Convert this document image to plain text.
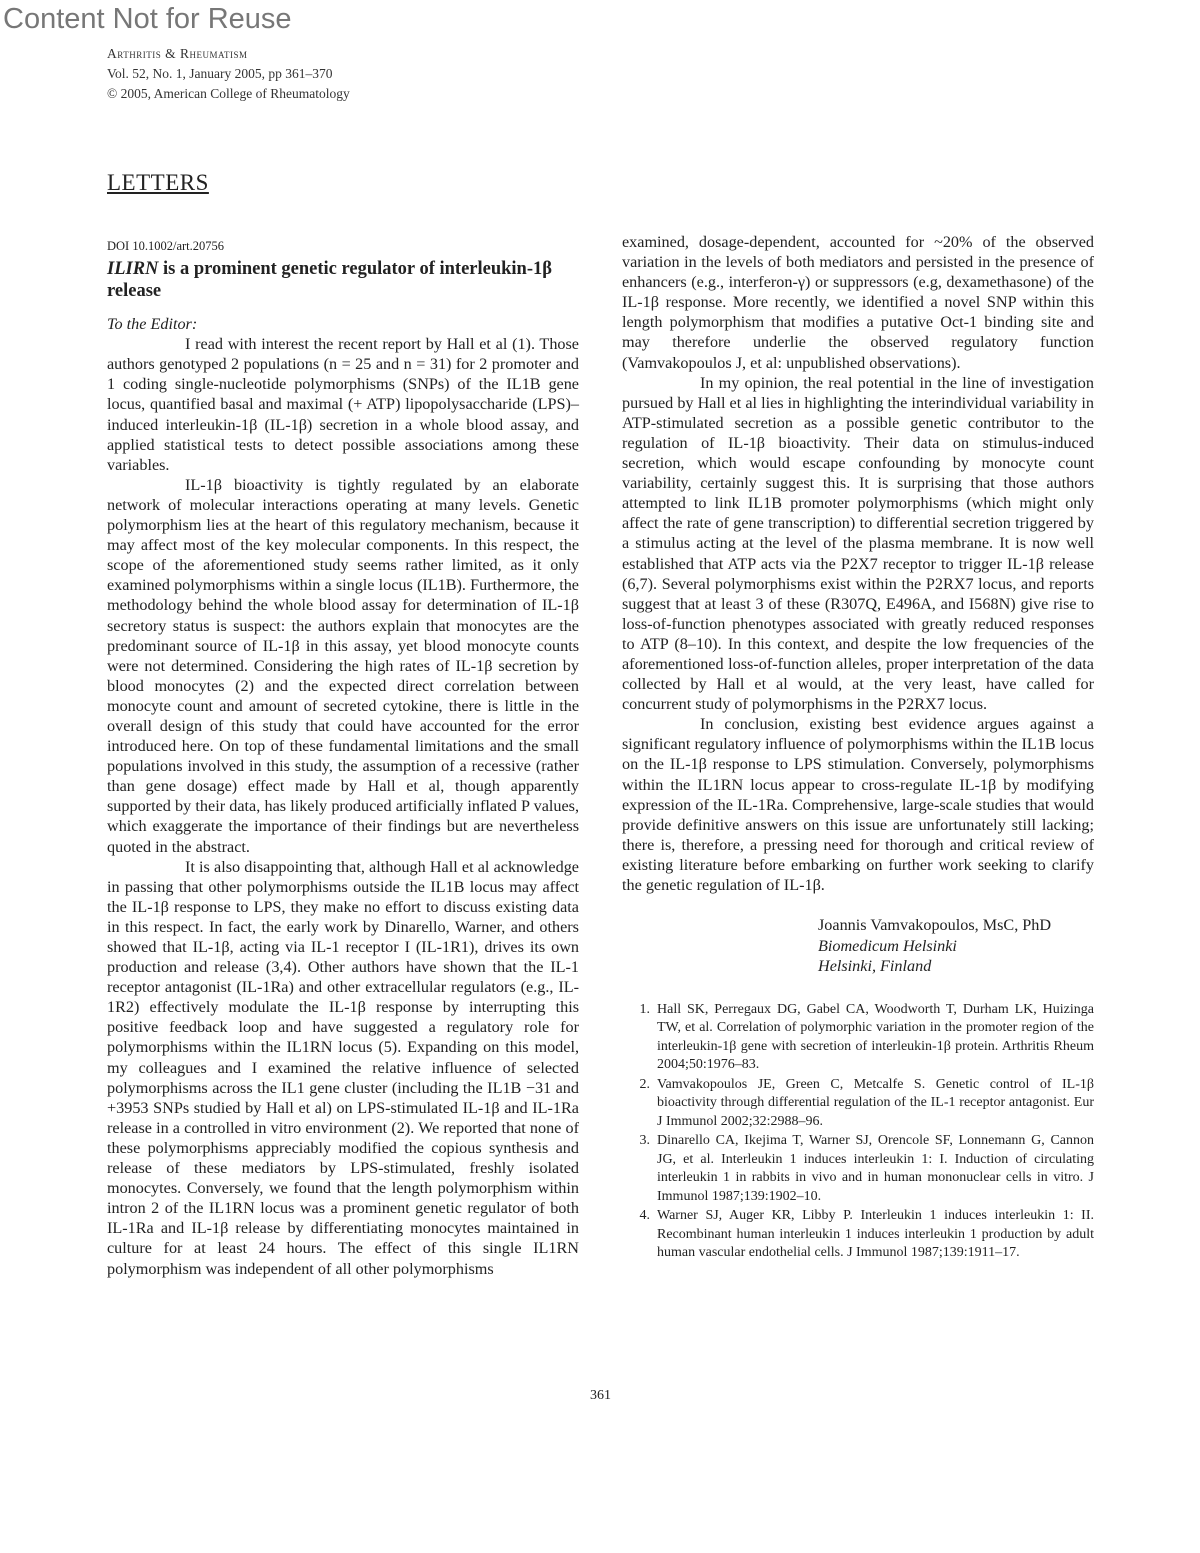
Content Not for Reuse
Arthritis & Rheumatism
Vol. 52, No. 1, January 2005, pp 361–370
© 2005, American College of Rheumatology
LETTERS
DOI 10.1002/art.20756
ILIRN is a prominent genetic regulator of interleukin-1β release
To the Editor:

I read with interest the recent report by Hall et al (1). Those authors genotyped 2 populations (n = 25 and n = 31) for 2 promoter and 1 coding single-nucleotide polymorphisms (SNPs) of the IL1B gene locus, quantified basal and maximal (+ ATP) lipopolysaccharide (LPS)–induced interleukin-1β (IL-1β) secretion in a whole blood assay, and applied statistical tests to detect possible associations among these variables.

IL-1β bioactivity is tightly regulated by an elaborate network of molecular interactions operating at many levels. Genetic polymorphism lies at the heart of this regulatory mechanism, because it may affect most of the key molecular components. In this respect, the scope of the aforementioned study seems rather limited, as it only examined polymorphisms within a single locus (IL1B). Furthermore, the methodology behind the whole blood assay for determination of IL-1β secretory status is suspect: the authors explain that monocytes are the predominant source of IL-1β in this assay, yet blood monocyte counts were not determined. Considering the high rates of IL-1β secretion by blood monocytes (2) and the expected direct correlation between monocyte count and amount of secreted cytokine, there is little in the overall design of this study that could have accounted for the error introduced here. On top of these fundamental limitations and the small populations involved in this study, the assumption of a recessive (rather than gene dosage) effect made by Hall et al, though apparently supported by their data, has likely produced artificially inflated P values, which exaggerate the importance of their findings but are nevertheless quoted in the abstract.

It is also disappointing that, although Hall et al acknowledge in passing that other polymorphisms outside the IL1B locus may affect the IL-1β response to LPS, they make no effort to discuss existing data in this respect. In fact, the early work by Dinarello, Warner, and others showed that IL-1β, acting via IL-1 receptor I (IL-1R1), drives its own production and release (3,4). Other authors have shown that the IL-1 receptor antagonist (IL-1Ra) and other extracellular regulators (e.g., IL-1R2) effectively modulate the IL-1β response by interrupting this positive feedback loop and have suggested a regulatory role for polymorphisms within the IL1RN locus (5). Expanding on this model, my colleagues and I examined the relative influence of selected polymorphisms across the IL1 gene cluster (including the IL1B −31 and +3953 SNPs studied by Hall et al) on LPS-stimulated IL-1β and IL-1Ra release in a controlled in vitro environment (2). We reported that none of these polymorphisms appreciably modified the copious synthesis and release of these mediators by LPS-stimulated, freshly isolated monocytes. Conversely, we found that the length polymorphism within intron 2 of the IL1RN locus was a prominent genetic regulator of both IL-1Ra and IL-1β release by differentiating monocytes maintained in culture for at least 24 hours. The effect of this single IL1RN polymorphism was independent of all other polymorphisms

examined, dosage-dependent, accounted for ~20% of the observed variation in the levels of both mediators and persisted in the presence of enhancers (e.g., interferon-γ) or suppressors (e.g, dexamethasone) of the IL-1β response. More recently, we identified a novel SNP within this length polymorphism that modifies a putative Oct-1 binding site and may therefore underlie the observed regulatory function (Vamvakopoulos J, et al: unpublished observations).

In my opinion, the real potential in the line of investigation pursued by Hall et al lies in highlighting the interindividual variability in ATP-stimulated secretion as a possible genetic contributor to the regulation of IL-1β bioactivity. Their data on stimulus-induced secretion, which would escape confounding by monocyte count variability, certainly suggest this. It is surprising that those authors attempted to link IL1B promoter polymorphisms (which might only affect the rate of gene transcription) to differential secretion triggered by a stimulus acting at the level of the plasma membrane. It is now well established that ATP acts via the P2X7 receptor to trigger IL-1β release (6,7). Several polymorphisms exist within the P2RX7 locus, and reports suggest that at least 3 of these (R307Q, E496A, and I568N) give rise to loss-of-function phenotypes associated with greatly reduced responses to ATP (8–10). In this context, and despite the low frequencies of the aforementioned loss-of-function alleles, proper interpretation of the data collected by Hall et al would, at the very least, have called for concurrent study of polymorphisms in the P2RX7 locus.

In conclusion, existing best evidence argues against a significant regulatory influence of polymorphisms within the IL1B locus on the IL-1β response to LPS stimulation. Conversely, polymorphisms within the IL1RN locus appear to cross-regulate IL-1β by modifying expression of the IL-1Ra. Comprehensive, large-scale studies that would provide definitive answers on this issue are unfortunately still lacking; there is, therefore, a pressing need for thorough and critical review of existing literature before embarking on further work seeking to clarify the genetic regulation of IL-1β.

Joannis Vamvakopoulos, MsC, PhD
Biomedicum Helsinki
Helsinki, Finland
1. Hall SK, Perregaux DG, Gabel CA, Woodworth T, Durham LK, Huizinga TW, et al. Correlation of polymorphic variation in the promoter region of the interleukin-1β gene with secretion of interleukin-1β protein. Arthritis Rheum 2004;50:1976–83.
2. Vamvakopoulos JE, Green C, Metcalfe S. Genetic control of IL-1β bioactivity through differential regulation of the IL-1 receptor antagonist. Eur J Immunol 2002;32:2988–96.
3. Dinarello CA, Ikejima T, Warner SJ, Orencole SF, Lonnemann G, Cannon JG, et al. Interleukin 1 induces interleukin 1: I. Induction of circulating interleukin 1 in rabbits in vivo and in human mononuclear cells in vitro. J Immunol 1987;139:1902–10.
4. Warner SJ, Auger KR, Libby P. Interleukin 1 induces interleukin 1: II. Recombinant human interleukin 1 induces interleukin 1 production by adult human vascular endothelial cells. J Immunol 1987;139:1911–17.
361
